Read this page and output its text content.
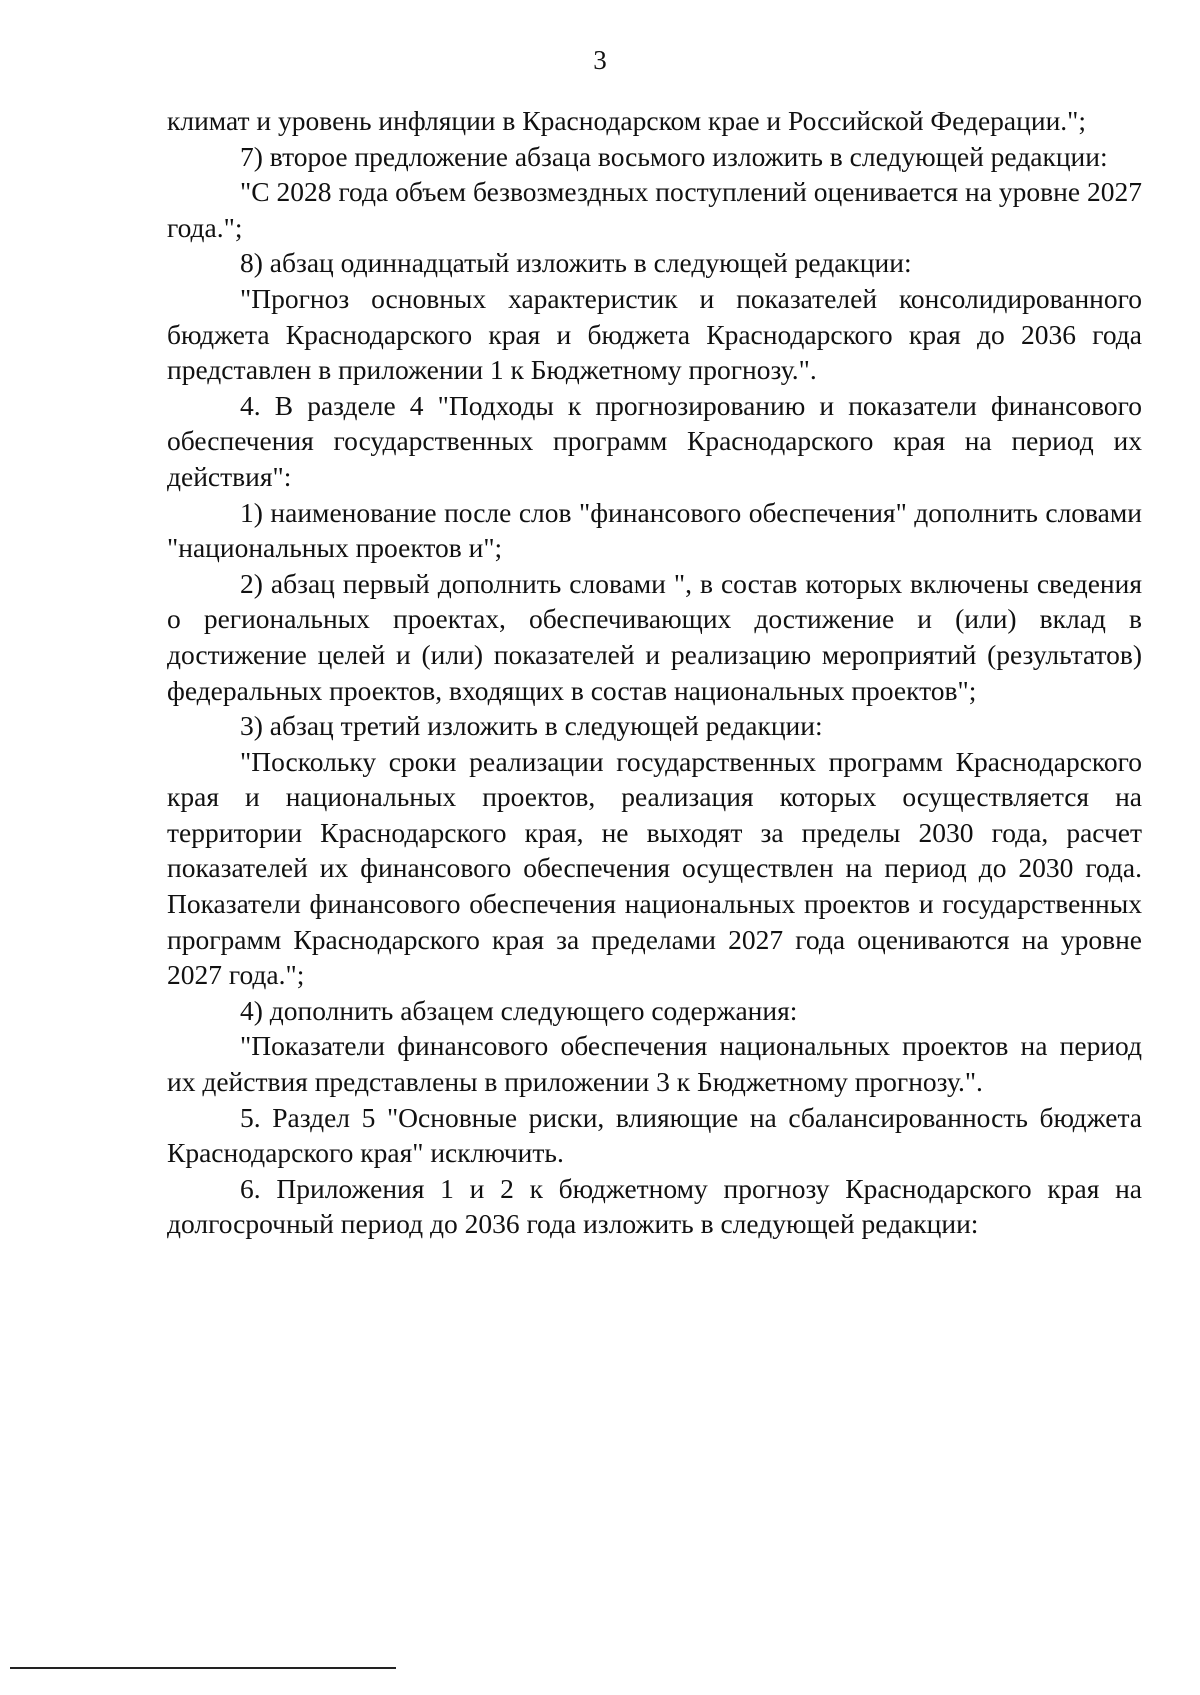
3

климат и уровень инфляции в Краснодарском крае и Российской Федерации.";

7) второе предложение абзаца восьмого изложить в следующей редакции:

"С 2028 года объем безвозмездных поступлений оценивается на уровне 2027 года.";

8) абзац одиннадцатый изложить в следующей редакции:

"Прогноз основных характеристик и показателей консолидированного бюджета Краснодарского края и бюджета Краснодарского края до 2036 года представлен в приложении 1 к Бюджетному прогнозу.".

4. В разделе 4 "Подходы к прогнозированию и показатели финансового обеспечения государственных программ Краснодарского края на период их действия":

1) наименование после слов "финансового обеспечения" дополнить словами "национальных проектов и";

2) абзац первый дополнить словами ", в состав которых включены сведения о региональных проектах, обеспечивающих достижение и (или) вклад в достижение целей и (или) показателей и реализацию мероприятий (результатов) федеральных проектов, входящих в состав национальных проектов";

3) абзац третий изложить в следующей редакции:

"Поскольку сроки реализации государственных программ Краснодарского края и национальных проектов, реализация которых осуществляется на территории Краснодарского края, не выходят за пределы 2030 года, расчет показателей их финансового обеспечения осуществлен на период до 2030 года. Показатели финансового обеспечения национальных проектов и государственных программ Краснодарского края за пределами 2027 года оцениваются на уровне 2027 года.";

4) дополнить абзацем следующего содержания:

"Показатели финансового обеспечения национальных проектов на период их действия представлены в приложении 3 к Бюджетному прогнозу.".

5. Раздел 5 "Основные риски, влияющие на сбалансированность бюджета Краснодарского края" исключить.

6. Приложения 1 и 2 к бюджетному прогнозу Краснодарского края на долгосрочный период до 2036 года изложить в следующей редакции:
